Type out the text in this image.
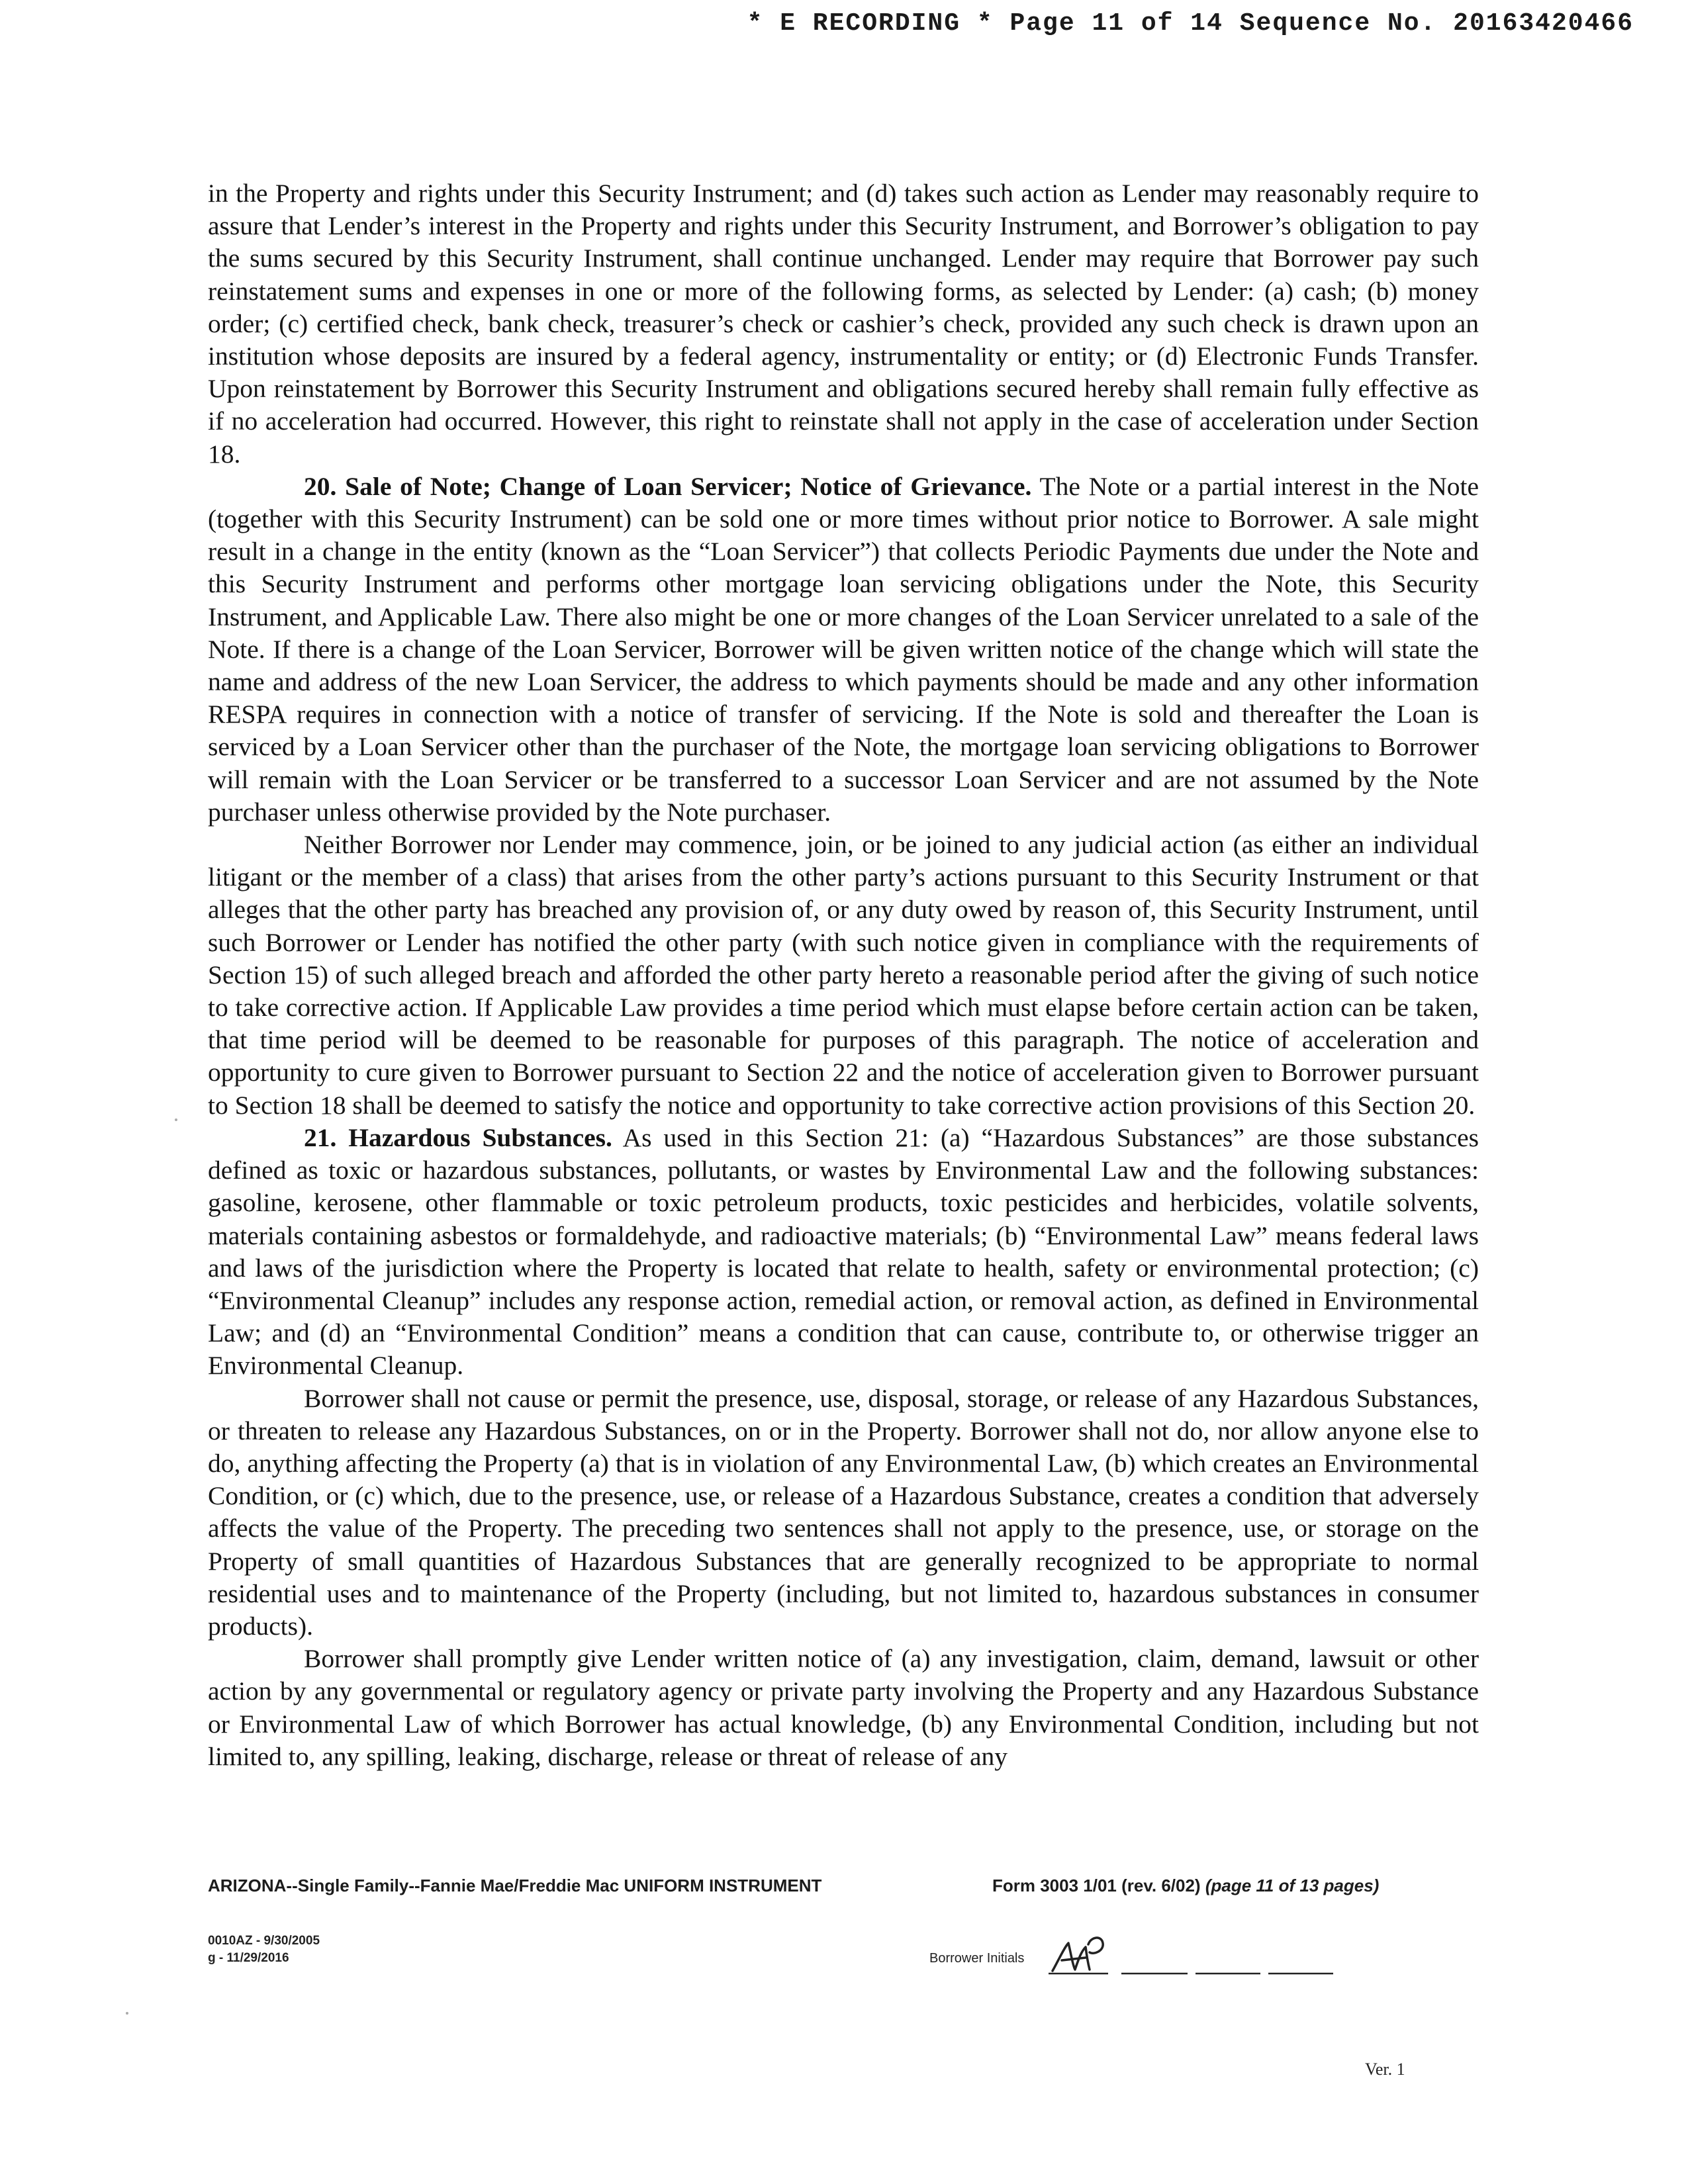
* E RECORDING * Page 11 of 14 Sequence No. 20163420466

in the Property and rights under this Security Instrument; and (d) takes such action as Lender may reasonably require to assure that Lender’s interest in the Property and rights under this Security Instrument, and Borrower’s obligation to pay the sums secured by this Security Instrument, shall continue unchanged. Lender may require that Borrower pay such reinstatement sums and expenses in one or more of the following forms, as selected by Lender: (a) cash; (b) money order; (c) certified check, bank check, treasurer’s check or cashier’s check, provided any such check is drawn upon an institution whose deposits are insured by a federal agency, instrumentality or entity; or (d) Electronic Funds Transfer. Upon reinstatement by Borrower this Security Instrument and obligations secured hereby shall remain fully effective as if no acceleration had occurred. However, this right to reinstate shall not apply in the case of acceleration under Section 18.

20. Sale of Note; Change of Loan Servicer; Notice of Grievance. The Note or a partial interest in the Note (together with this Security Instrument) can be sold one or more times without prior notice to Borrower. A sale might result in a change in the entity (known as the “Loan Servicer”) that collects Periodic Payments due under the Note and this Security Instrument and performs other mortgage loan servicing obligations under the Note, this Security Instrument, and Applicable Law. There also might be one or more changes of the Loan Servicer unrelated to a sale of the Note. If there is a change of the Loan Servicer, Borrower will be given written notice of the change which will state the name and address of the new Loan Servicer, the address to which payments should be made and any other information RESPA requires in connection with a notice of transfer of servicing. If the Note is sold and thereafter the Loan is serviced by a Loan Servicer other than the purchaser of the Note, the mortgage loan servicing obligations to Borrower will remain with the Loan Servicer or be transferred to a successor Loan Servicer and are not assumed by the Note purchaser unless otherwise provided by the Note purchaser.

Neither Borrower nor Lender may commence, join, or be joined to any judicial action (as either an individual litigant or the member of a class) that arises from the other party’s actions pursuant to this Security Instrument or that alleges that the other party has breached any provision of, or any duty owed by reason of, this Security Instrument, until such Borrower or Lender has notified the other party (with such notice given in compliance with the requirements of Section 15) of such alleged breach and afforded the other party hereto a reasonable period after the giving of such notice to take corrective action. If Applicable Law provides a time period which must elapse before certain action can be taken, that time period will be deemed to be reasonable for purposes of this paragraph. The notice of acceleration and opportunity to cure given to Borrower pursuant to Section 22 and the notice of acceleration given to Borrower pursuant to Section 18 shall be deemed to satisfy the notice and opportunity to take corrective action provisions of this Section 20.

21. Hazardous Substances. As used in this Section 21: (a) “Hazardous Substances” are those substances defined as toxic or hazardous substances, pollutants, or wastes by Environmental Law and the following substances: gasoline, kerosene, other flammable or toxic petroleum products, toxic pesticides and herbicides, volatile solvents, materials containing asbestos or formaldehyde, and radioactive materials; (b) “Environmental Law” means federal laws and laws of the jurisdiction where the Property is located that relate to health, safety or environmental protection; (c) “Environmental Cleanup” includes any response action, remedial action, or removal action, as defined in Environmental Law; and (d) an “Environmental Condition” means a condition that can cause, contribute to, or otherwise trigger an Environmental Cleanup.

Borrower shall not cause or permit the presence, use, disposal, storage, or release of any Hazardous Substances, or threaten to release any Hazardous Substances, on or in the Property. Borrower shall not do, nor allow anyone else to do, anything affecting the Property (a) that is in violation of any Environmental Law, (b) which creates an Environmental Condition, or (c) which, due to the presence, use, or release of a Hazardous Substance, creates a condition that adversely affects the value of the Property. The preceding two sentences shall not apply to the presence, use, or storage on the Property of small quantities of Hazardous Substances that are generally recognized to be appropriate to normal residential uses and to maintenance of the Property (including, but not limited to, hazardous substances in consumer products).

Borrower shall promptly give Lender written notice of (a) any investigation, claim, demand, lawsuit or other action by any governmental or regulatory agency or private party involving the Property and any Hazardous Substance or Environmental Law of which Borrower has actual knowledge, (b) any Environmental Condition, including but not limited to, any spilling, leaking, discharge, release or threat of release of any

ARIZONA--Single Family--Fannie Mae/Freddie Mac UNIFORM INSTRUMENT	Form 3003 1/01 (rev. 6/02) (page 11 of 13 pages)
0010AZ - 9/30/2005
g - 11/29/2016	Borrower Initials
Ver. 1
